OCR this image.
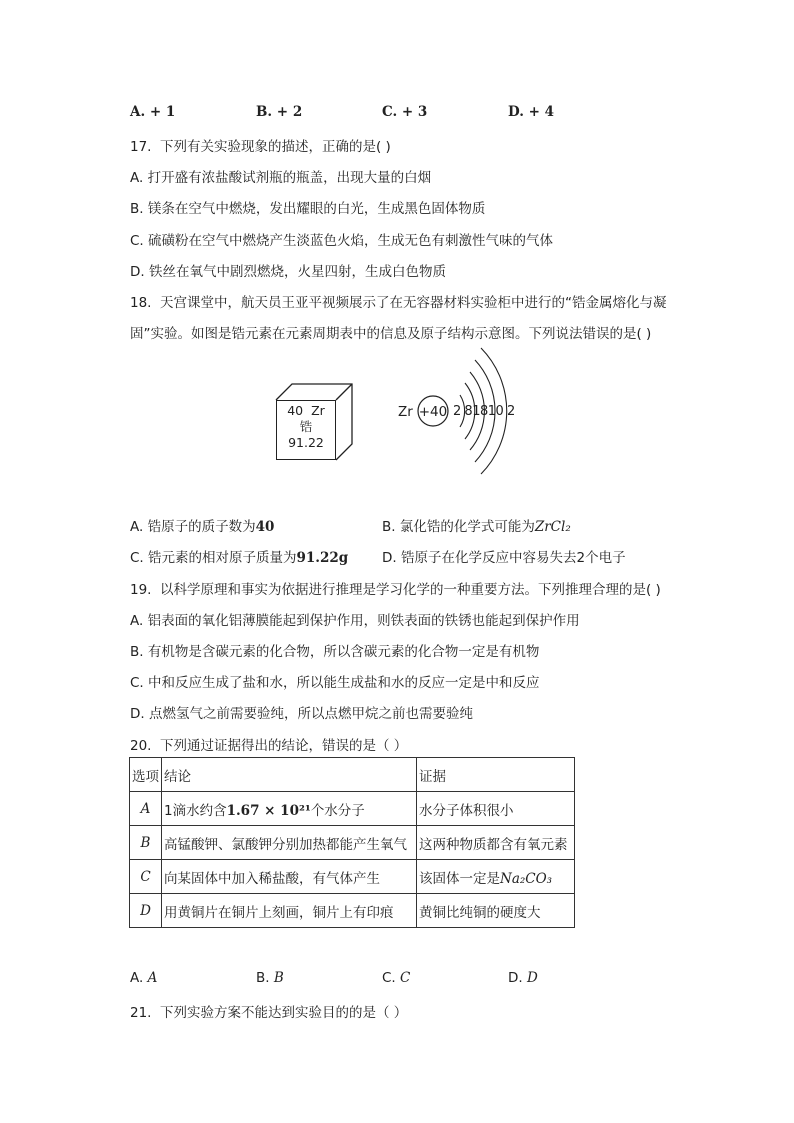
A. + 1	B. + 2	C. + 3	D. + 4
17. 下列有关实验现象的描述，正确的是( )
A. 打开盛有浓盐酸试剂瓶的瓶盖，出现大量的白烟
B. 镁条在空气中燃烧，发出耀眼的白光，生成黑色固体物质
C. 硫磺粉在空气中燃烧产生淡蓝色火焰，生成无色有刺激性气味的气体
D. 铁丝在氧气中剧烈燃烧，火星四射，生成白色物质
18. 天宫课堂中，航天员王亚平视频展示了在无容器材料实验柜中进行的“锆金属熔化与凝
固”实验。如图是锆元素在元素周期表中的信息及原子结构示意图。下列说法错误的是( )
40 Zr
锆
91.22
Zr +40 2 81810 2
A. 锆原子的质子数为40	B. 氯化锆的化学式可能为ZrCl₂
C. 锆元素的相对原子质量为91.22g	D. 锆原子在化学反应中容易失去2个电子
19. 以科学原理和事实为依据进行推理是学习化学的一种重要方法。下列推理合理的是( )
A. 铝表面的氧化铝薄膜能起到保护作用，则铁表面的铁锈也能起到保护作用
B. 有机物是含碳元素的化合物，所以含碳元素的化合物一定是有机物
C. 中和反应生成了盐和水，所以能生成盐和水的反应一定是中和反应
D. 点燃氢气之前需要验纯，所以点燃甲烷之前也需要验纯
20. 下列通过证据得出的结论，错误的是（ ）
选项	结论	证据
A	1滴水约含1.67 × 10²¹个水分子	水分子体积很小
B	高锰酸钾、氯酸钾分别加热都能产生氧气	这两种物质都含有氧元素
C	向某固体中加入稀盐酸，有气体产生	该固体一定是Na₂CO₃
D	用黄铜片在铜片上刻画，铜片上有印痕	黄铜比纯铜的硬度大
A. A	B. B	C. C	D. D
21. 下列实验方案不能达到实验目的的是（ ）
